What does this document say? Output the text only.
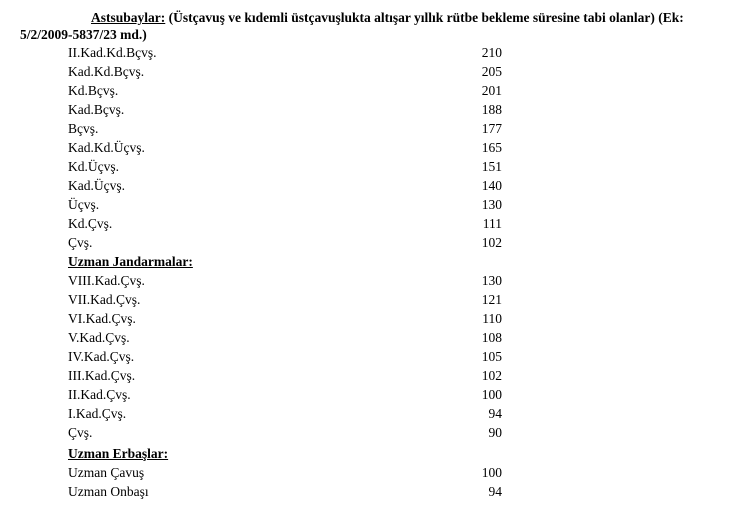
Astsubaylar: (Üstçavuş ve kıdemli üstçavuşlukta altışar yıllık rütbe bekleme süresine tabi olanlar) (Ek:
5/2/2009-5837/23 md.)
II.Kad.Kd.Bçvş.	210
Kad.Kd.Bçvş.	205
Kd.Bçvş.	201
Kad.Bçvş.	188
Bçvş.	177
Kad.Kd.Üçvş.	165
Kd.Üçvş.	151
Kad.Üçvş.	140
Üçvş.	130
Kd.Çvş.	111
Çvş.	102
Uzman Jandarmalar:
VIII.Kad.Çvş.	130
VII.Kad.Çvş.	121
VI.Kad.Çvş.	110
V.Kad.Çvş.	108
IV.Kad.Çvş.	105
III.Kad.Çvş.	102
II.Kad.Çvş.	100
I.Kad.Çvş.	94
Çvş.	90
Uzman Erbaşlar:
Uzman Çavuş	100
Uzman Onbaşı	94
